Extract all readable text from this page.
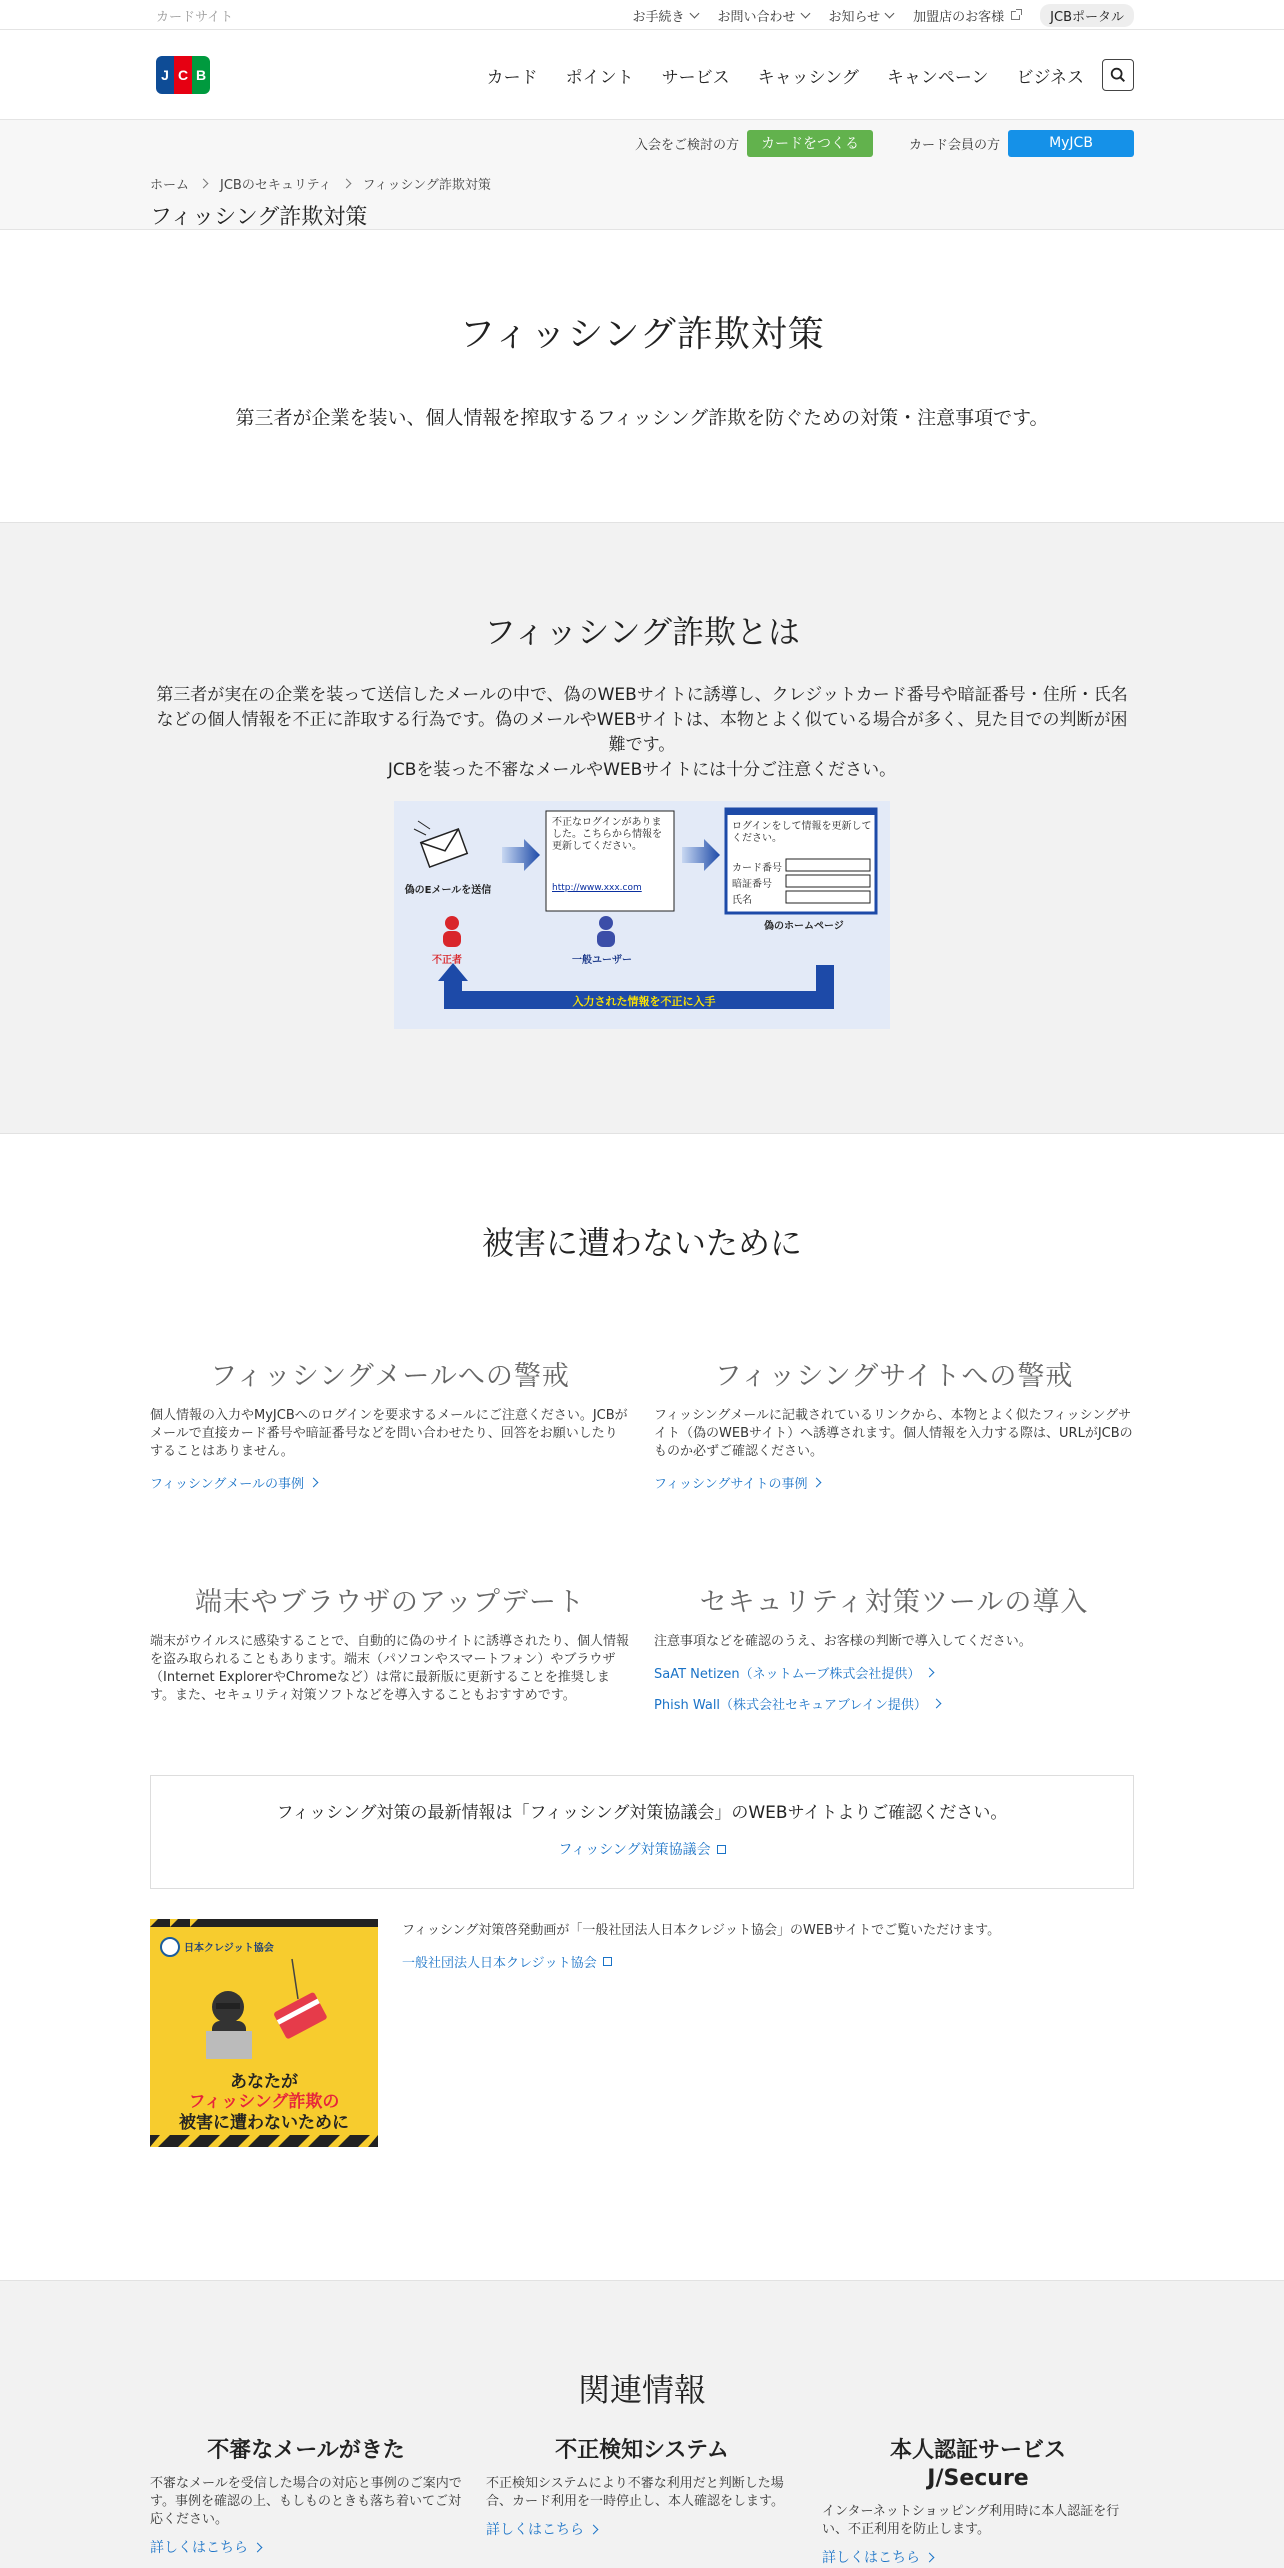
カードサイト	お手続き	お問い合わせ	お知らせ	加盟店のお客様	JCBポータル
J C B	カード ポイント サービス キャッシング キャンペーン ビジネス
入会をご検討の方	カードをつくる	カード会員の方	MyJCB
ホーム JCBのセキュリティ フィッシング詐欺対策
フィッシング詐欺対策
フィッシング詐欺対策

第三者が企業を装い、個人情報を搾取するフィッシング詐欺を防ぐための対策・注意事項です。

フィッシング詐欺とは

第三者が実在の企業を装って送信したメールの中で、偽のWEBサイトに誘導し、クレジットカード番号や暗証番号・住所・氏名などの個人情報を不正に詐取する行為です。偽のメールやWEBサイトは、本物とよく似ている場合が多く、見た目での判断が困難です。

JCBを装った不審なメールやWEBサイトには十分ご注意ください。

偽のEメールを送信
不正なログインがありました。こちらから情報を更新してください。
http://www.xxx.com
ログインをして情報を更新してください。
カード番号
暗証番号
氏名
偽のホームページ
不正者	一般ユーザー
入力された情報を不正に入手
被害に遭わないために
フィッシングメールへの警戒

個人情報の入力やMyJCBへのログインを要求するメールにご注意ください。JCBがメールで直接カード番号や暗証番号などを問い合わせたり、回答をお願いしたりすることはありません。

フィッシングメールの事例
フィッシングサイトへの警戒

フィッシングメールに記載されているリンクから、本物とよく似たフィッシングサイト（偽のWEBサイト）へ誘導されます。個人情報を入力する際は、URLがJCBのものか必ずご確認ください。

フィッシングサイトの事例
端末やブラウザのアップデート

端末がウイルスに感染することで、自動的に偽のサイトに誘導されたり、個人情報を盗み取られることもあります。端末（パソコンやスマートフォン）やブラウザ（Internet ExplorerやChromeなど）は常に最新版に更新することを推奨します。また、セキュリティ対策ソフトなどを導入することもおすすめです。

セキュリティ対策ツールの導入

注意事項などを確認のうえ、お客様の判断で導入してください。

SaAT Netizen（ネットムーブ株式会社提供）

Phish Wall（株式会社セキュアブレイン提供）

フィッシング対策の最新情報は「フィッシング対策協議会」のWEBサイトよりご確認ください。

フィッシング対策協議会
日本クレジット協会
あなたが
フィッシング詐欺の
被害に遭わないために
フィッシング対策啓発動画が「一般社団法人日本クレジット協会」のWEBサイトでご覧いただけます。
一般社団法人日本クレジット協会
関連情報
不審なメールがきた

不審なメールを受信した場合の対応と事例のご案内です。事例を確認の上、もしものときも落ち着いてご対応ください。

詳しくはこちら
不正検知システム

不正検知システムにより不審な利用だと判断した場合、カード利用を一時停止し、本人確認をします。

詳しくはこちら
本人認証サービス J/Secure

インターネットショッピング利用時に本人認証を行い、不正利用を防止します。

詳しくはこちら
